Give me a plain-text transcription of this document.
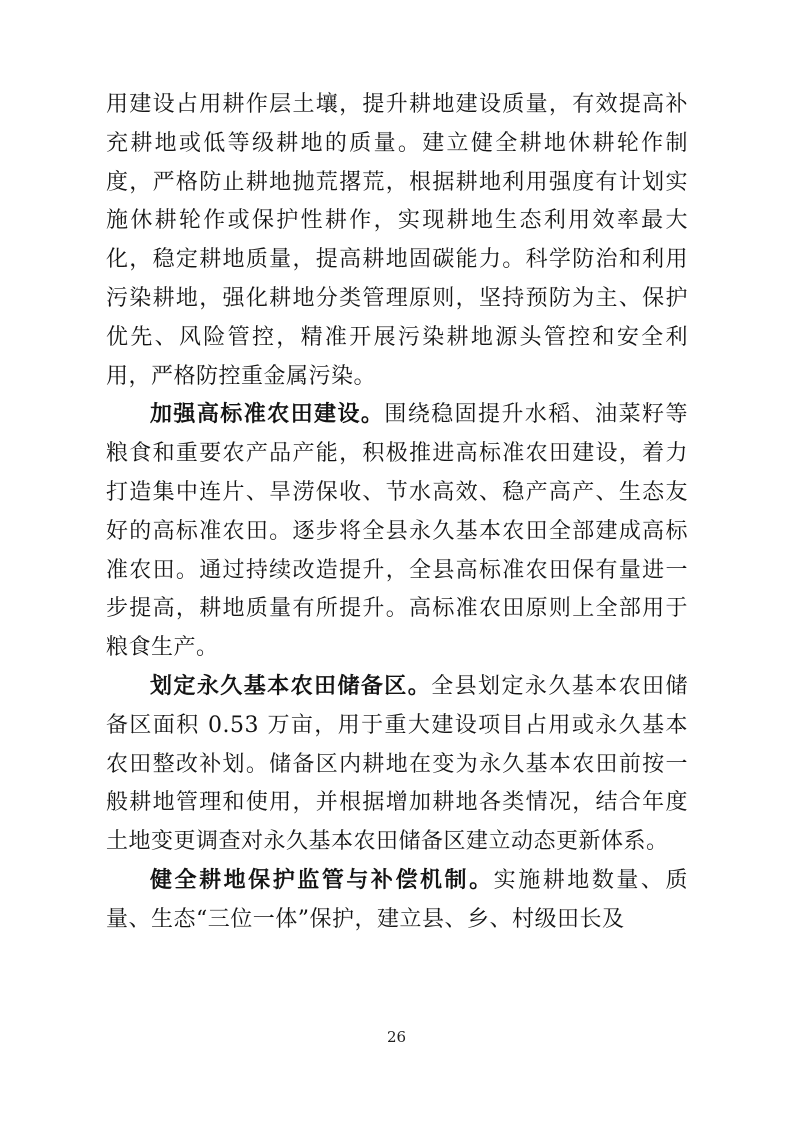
用建设占用耕作层土壤，提升耕地建设质量，有效提高补充耕地或低等级耕地的质量。建立健全耕地休耕轮作制度，严格防止耕地抛荒撂荒，根据耕地利用强度有计划实施休耕轮作或保护性耕作，实现耕地生态利用效率最大化，稳定耕地质量，提高耕地固碳能力。科学防治和利用污染耕地，强化耕地分类管理原则，坚持预防为主、保护优先、风险管控，精准开展污染耕地源头管控和安全利用，严格防控重金属污染。

加强高标准农田建设。围绕稳固提升水稻、油菜籽等粮食和重要农产品产能，积极推进高标准农田建设，着力打造集中连片、旱涝保收、节水高效、稳产高产、生态友好的高标准农田。逐步将全县永久基本农田全部建成高标准农田。通过持续改造提升，全县高标准农田保有量进一步提高，耕地质量有所提升。高标准农田原则上全部用于粮食生产。

划定永久基本农田储备区。全县划定永久基本农田储备区面积 0.53 万亩，用于重大建设项目占用或永久基本农田整改补划。储备区内耕地在变为永久基本农田前按一般耕地管理和使用，并根据增加耕地各类情况，结合年度土地变更调查对永久基本农田储备区建立动态更新体系。

健全耕地保护监管与补偿机制。实施耕地数量、质量、生态“三位一体”保护，建立县、乡、村级田长及

26
